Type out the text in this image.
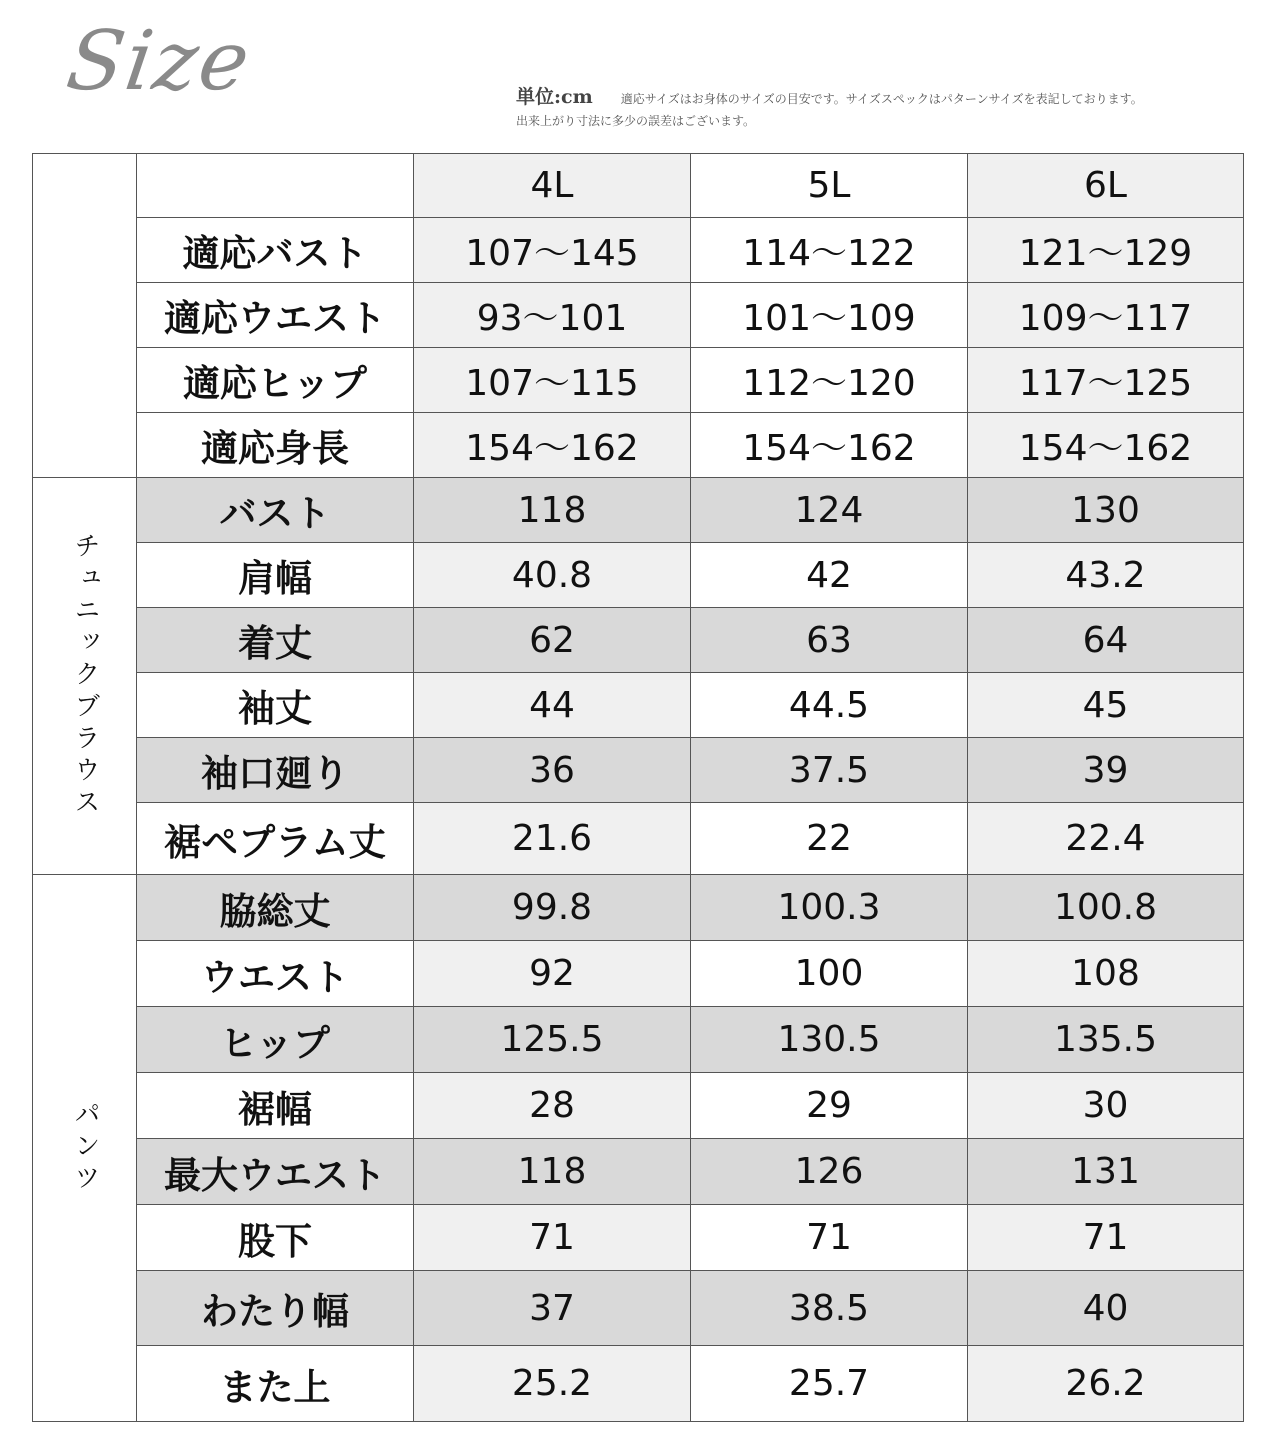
Size	単位:cm 適応サイズはお身体のサイズの目安です。サイズスペックはパターンサイズを表記しております。
出来上がり寸法に多少の誤差はございます。
4L	5L	6L
適応バスト	107〜145	114〜122	121〜129
適応ウエスト	93〜101	101〜109	109〜117
適応ヒップ	107〜115	112〜120	117〜125
適応身長	154〜162	154〜162	154〜162
チュニックブラウス
バスト	118	124	130
肩幅	40.8	42	43.2
着丈	62	63	64
袖丈	44	44.5	45
袖口廻り	36	37.5	39
裾ペプラム丈	21.6	22	22.4
パンツ
脇総丈	99.8	100.3	100.8
ウエスト	92	100	108
ヒップ	125.5	130.5	135.5
裾幅	28	29	30
最大ウエスト	118	126	131
股下	71	71	71
わたり幅	37	38.5	40
また上	25.2	25.7	26.2
